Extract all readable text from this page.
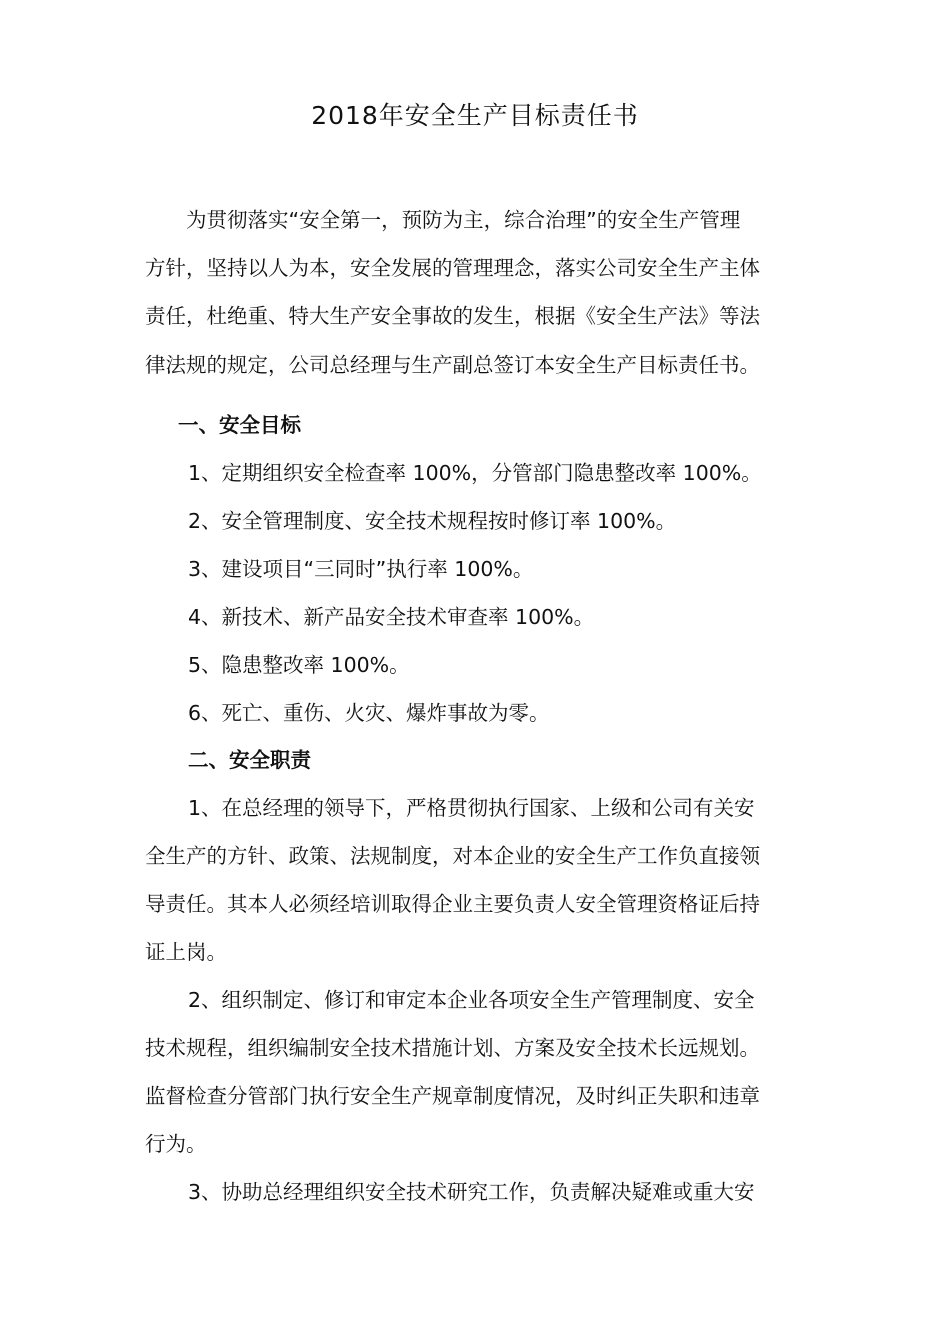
2018年安全生产目标责任书
　　为贯彻落实“安全第一，预防为主，综合治理”的安全生产管理
方针，坚持以人为本，安全发展的管理理念，落实公司安全生产主体
责任，杜绝重、特大生产安全事故的发生，根据《安全生产法》等法
律法规的规定，公司总经理与生产副总签订本安全生产目标责任书。
一、安全目标
1、定期组织安全检查率 100%，分管部门隐患整改率 100%。
2、安全管理制度、安全技术规程按时修订率 100%。
3、建设项目“三同时”执行率 100%。
4、新技术、新产品安全技术审查率 100%。
5、隐患整改率 100%。
6、死亡、重伤、火灾、爆炸事故为零。
二、安全职责
1、在总经理的领导下，严格贯彻执行国家、上级和公司有关安
全生产的方针、政策、法规制度，对本企业的安全生产工作负直接领
导责任。其本人必须经培训取得企业主要负责人安全管理资格证后持
证上岗。
2、组织制定、修订和审定本企业各项安全生产管理制度、安全
技术规程，组织编制安全技术措施计划、方案及安全技术长远规划。
监督检查分管部门执行安全生产规章制度情况，及时纠正失职和违章
行为。
3、协助总经理组织安全技术研究工作，负责解决疑难或重大安
